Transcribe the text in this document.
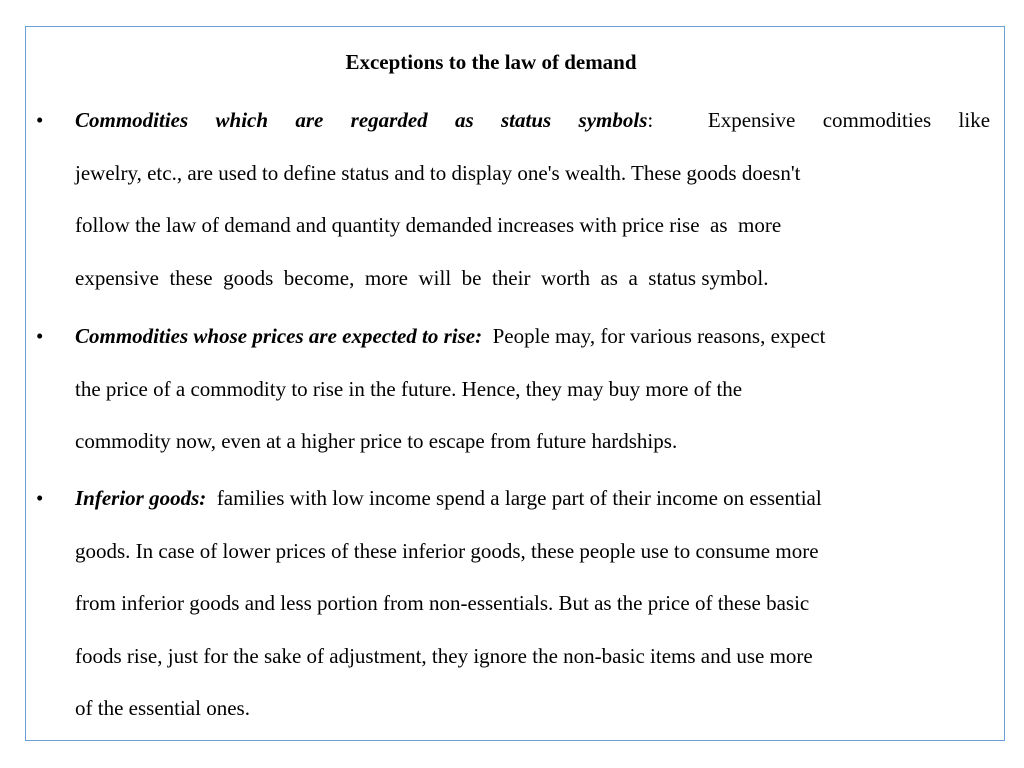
Exceptions to the law of demand
• Commodities which are regarded as status symbols:	Expensive commodities like
jewelry, etc., are used to define status and to display one's wealth. These goods doesn't
follow the law of demand and quantity demanded increases with price rise  as  more
expensive  these  goods  become,  more  will  be  their  worth  as  a  status symbol.
• Commodities whose prices are expected to rise: People may, for various reasons, expect
the price of a commodity to rise in the future. Hence, they may buy more of the
commodity now, even at a higher price to escape from future hardships.
• Inferior goods: families with low income spend a large part of their income on essential
goods. In case of lower prices of these inferior goods, these people use to consume more
from inferior goods and less portion from non-essentials. But as the price of these basic
foods rise, just for the sake of adjustment, they ignore the non-basic items and use more
of the essential ones.
